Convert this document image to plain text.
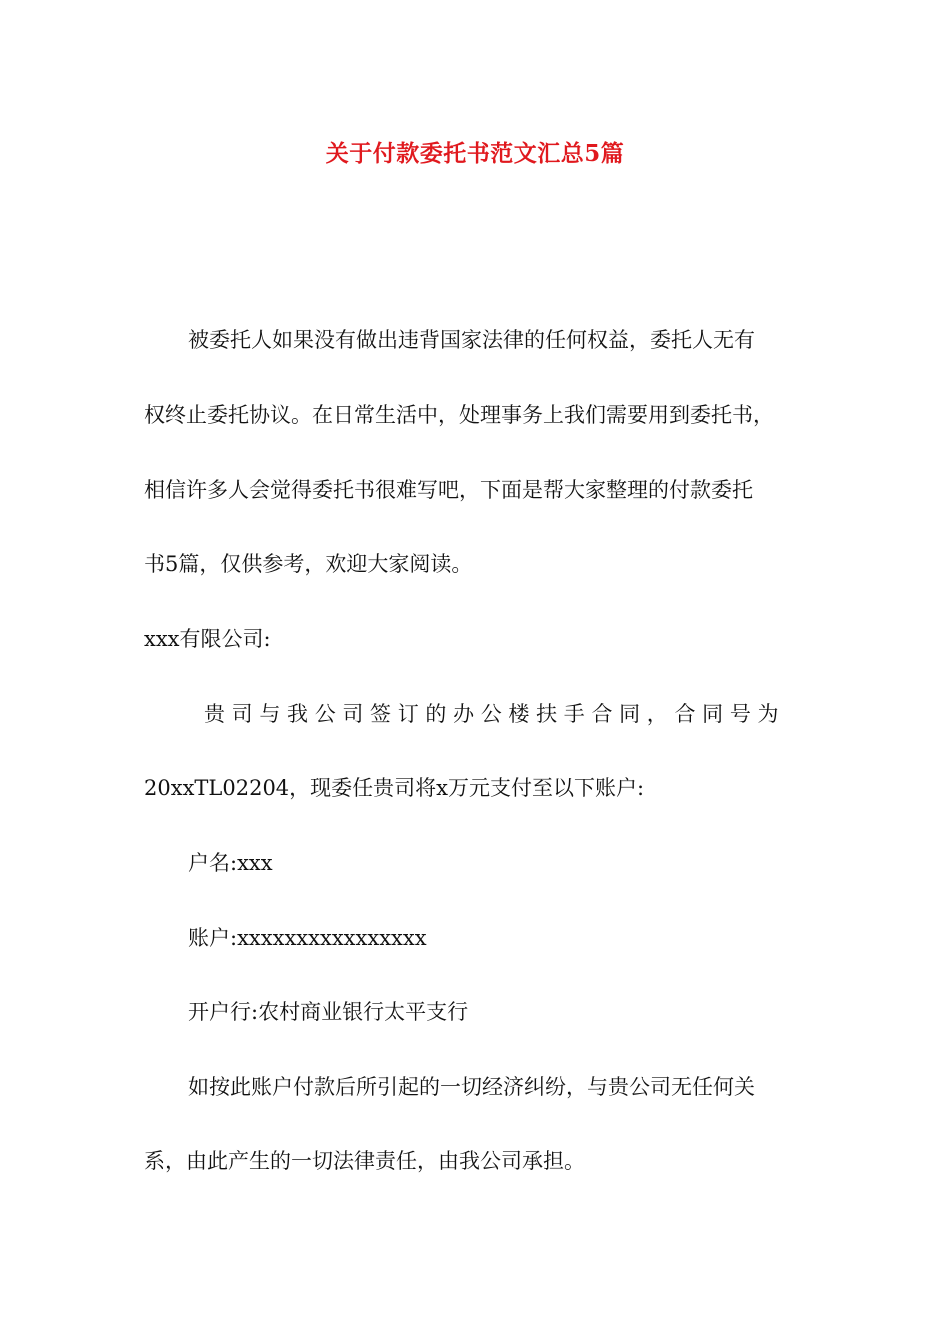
关于付款委托书范文汇总5篇
被委托人如果没有做出违背国家法律的任何权益，委托人无有
权终止委托协议。在日常生活中，处理事务上我们需要用到委托书，
相信许多人会觉得委托书很难写吧，下面是帮大家整理的付款委托
书5篇，仅供参考，欢迎大家阅读。
xxx有限公司:
贵 司 与 我 公 司 签 订 的 办 公 楼 扶 手 合 同 ， 合 同 号 为
20xxTL02204，现委任贵司将x万元支付至以下账户:
户名:xxx
账户:xxxxxxxxxxxxxxxx
开户行:农村商业银行太平支行
如按此账户付款后所引起的一切经济纠纷，与贵公司无任何关
系，由此产生的一切法律责任，由我公司承担。
